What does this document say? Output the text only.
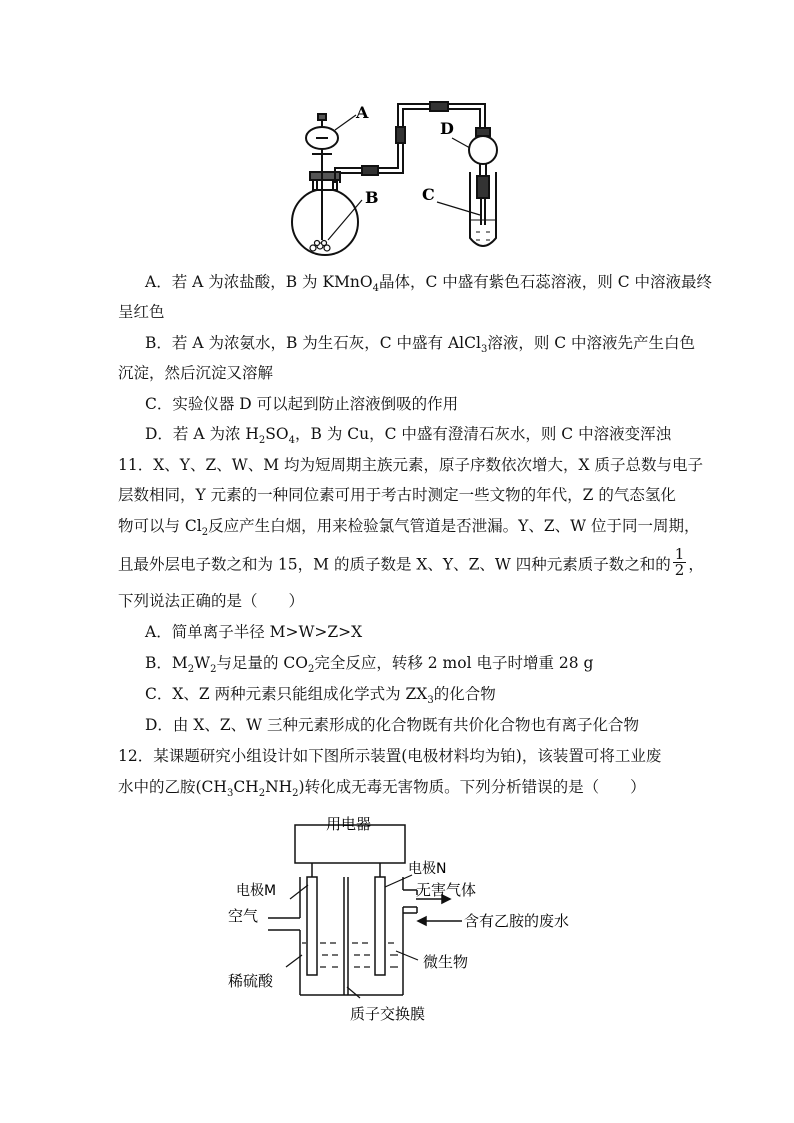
A
B
D
C
A．若 A 为浓盐酸，B 为 KMnO$_4$晶体，C 中盛有紫色石蕊溶液，则 C 中溶液最终
呈红色
B．若 A 为浓氨水，B 为生石灰，C 中盛有 AlCl$_3$溶液，则 C 中溶液先产生白色
沉淀，然后沉淀又溶解
C．实验仪器 D 可以起到防止溶液倒吸的作用
D．若 A 为浓 $H_2SO_4$，B 为 Cu，C 中盛有澄清石灰水，则 C 中溶液变浑浊
11．X、Y、Z、W、M 均为短周期主族元素，原子序数依次增大，X 质子总数与电子
层数相同，Y 元素的一种同位素可用于考古时测定一些文物的年代，Z 的气态氢化
物可以与 $Cl_2$反应产生白烟，用来检验氯气管道是否泄漏。Y、Z、W 位于同一周期，
且最外层电子数之和为 15，M 的质子数是 X、Y、Z、W 四种元素质子数之和的 $\frac{1}{2}$ ，
下列说法正确的是（　　）
A．简单离子半径 M>W>Z>X
B．$M_2W_2$与足量的 $CO_2$完全反应，转移 2 mol 电子时增重 28 g
C．X、Z 两种元素只能组成化学式为 $ZX_3$的化合物
D．由 X、Z、W 三种元素形成的化合物既有共价化合物也有离子化合物
12．某课题研究小组设计如下图所示装置(电极材料均为铂)，该装置可将工业废
水中的乙胺$(CH_3CH_2NH_2)$转化成无毒无害物质。下列分析错误的是（　　）
用电器
电极M
空气
电极N
无害气体
含有乙胺的废水
微生物
稀硫酸
质子交换膜
